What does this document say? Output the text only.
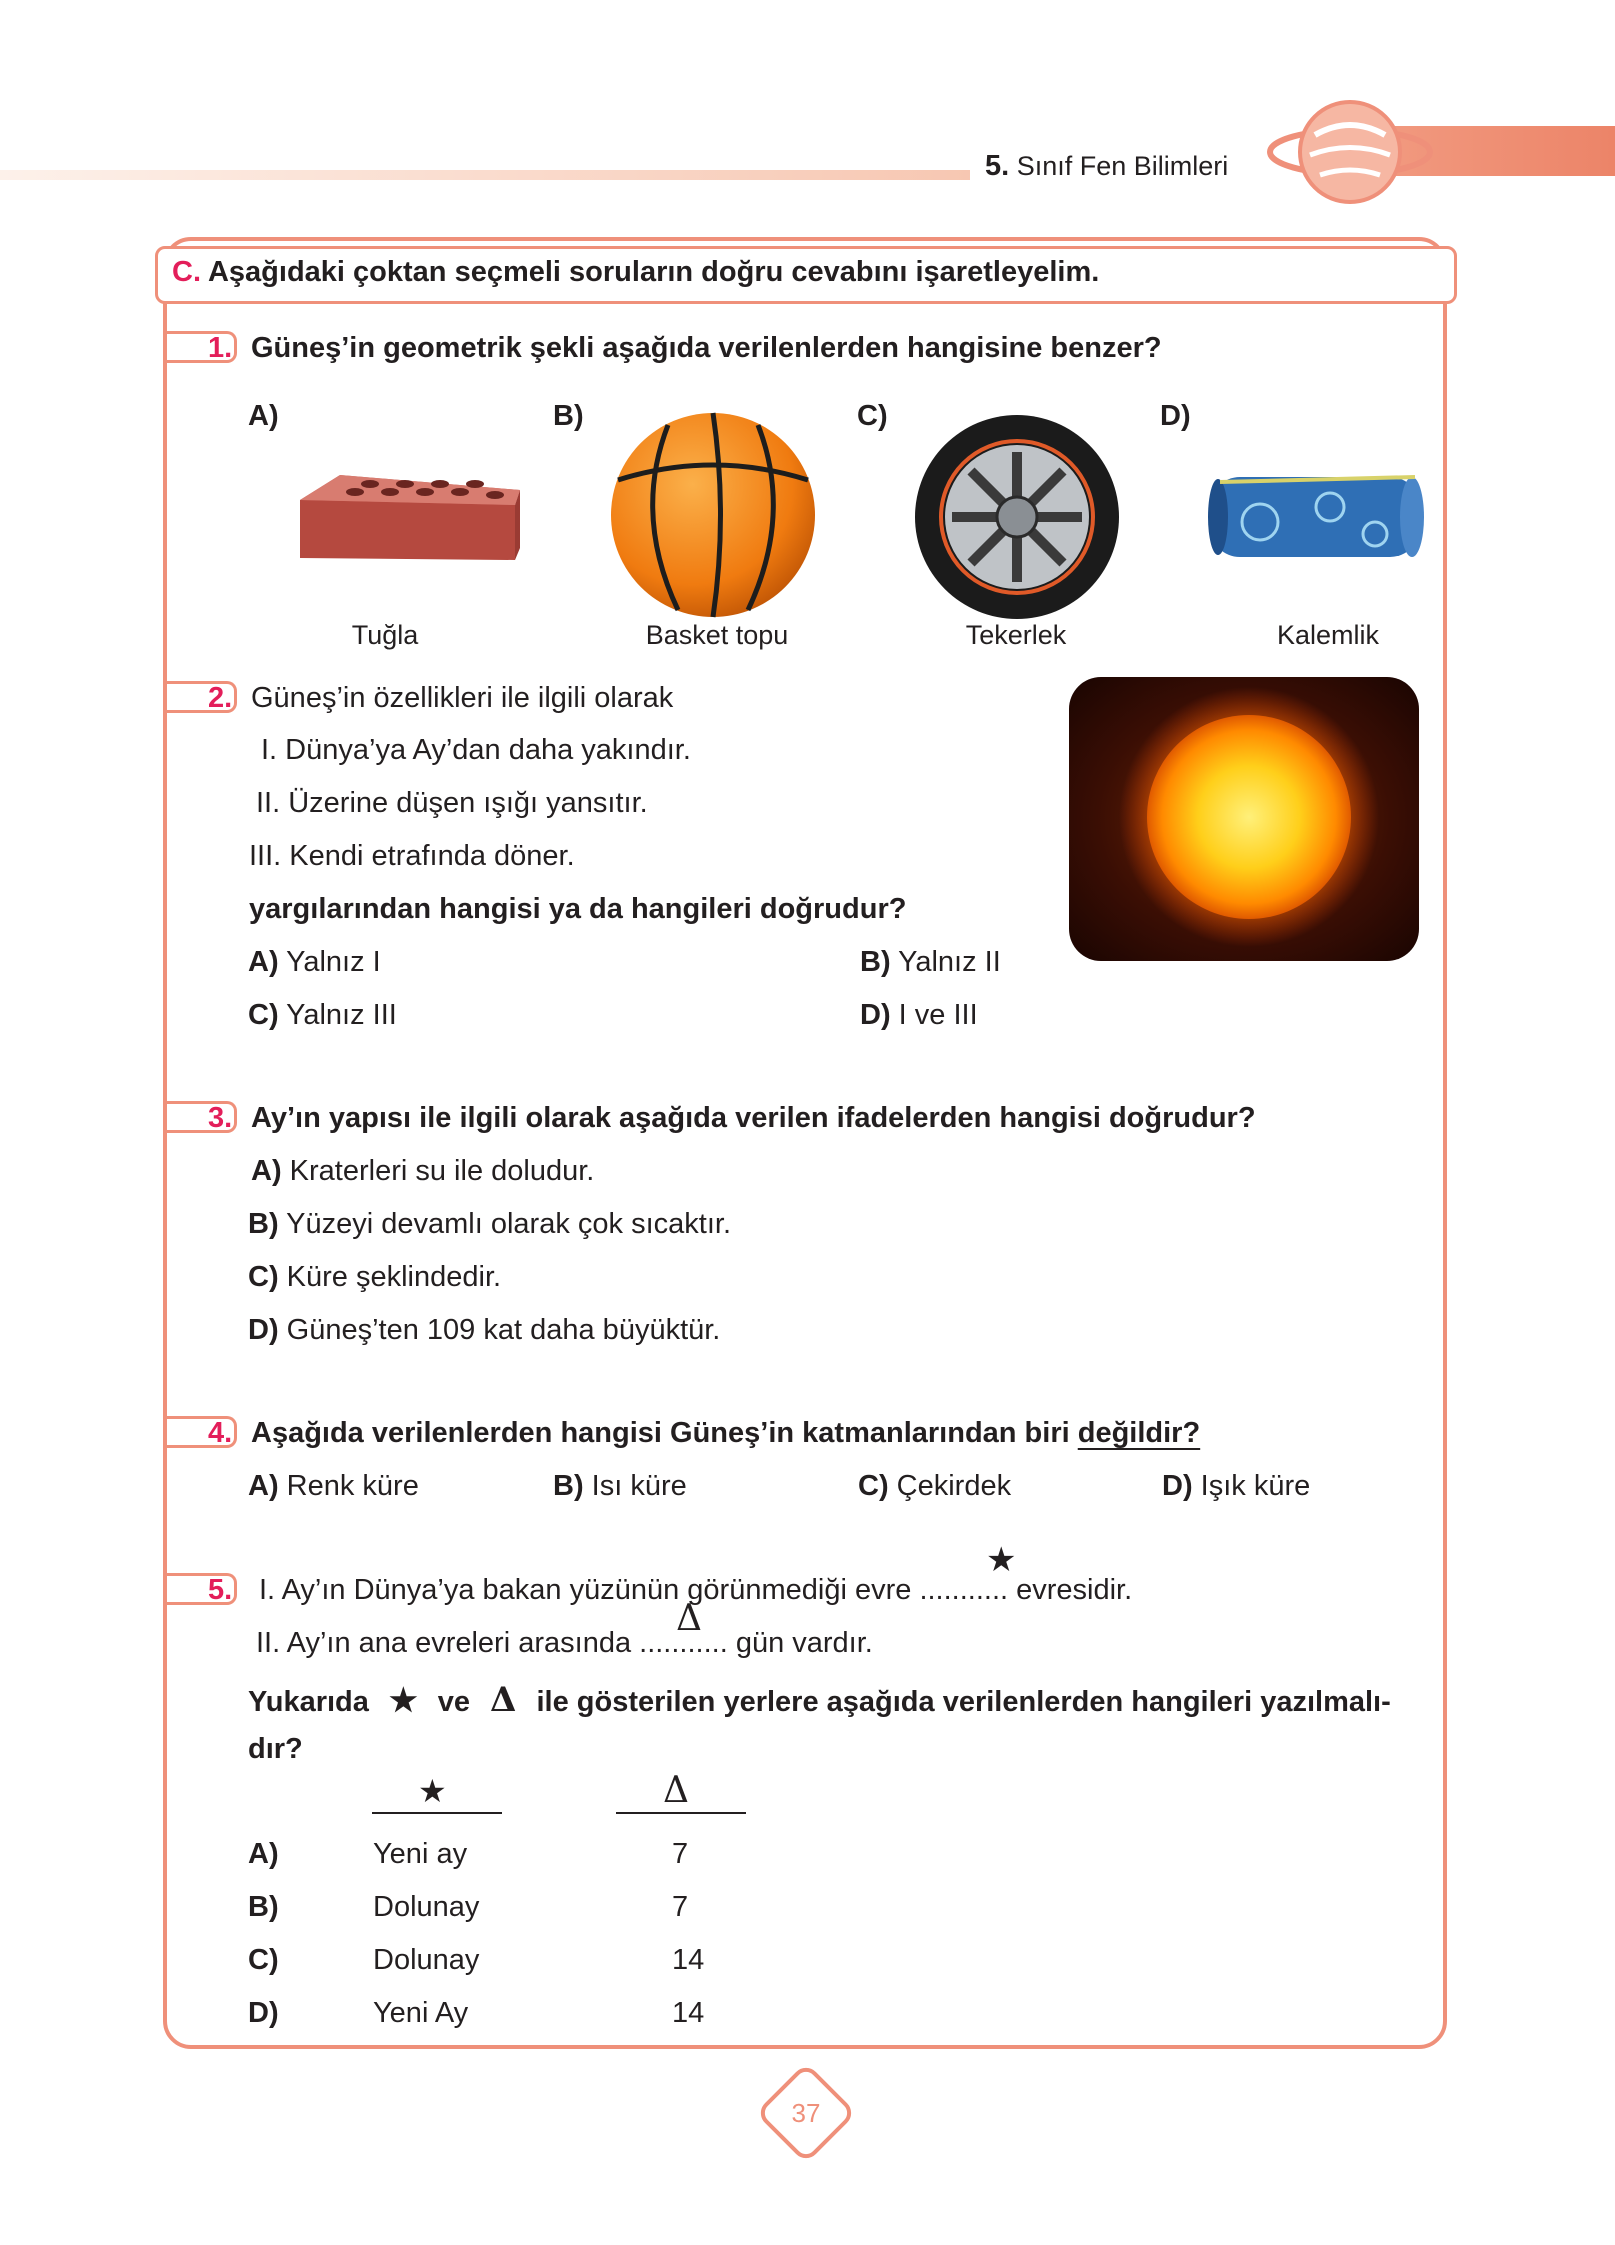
5. Sınıf Fen Bilimleri
C. Aşağıdaki çoktan seçmeli soruların doğru cevabını işaretleyelim.
1. Güneş’in geometrik şekli aşağıda verilenlerden hangisine benzer?
A)	B)	C)	D)
Tuğla	Basket topu	Tekerlek	Kalemlik
2. Güneş’in özellikleri ile ilgili olarak
I. Dünya’ya Ay’dan daha yakındır.
II. Üzerine düşen ışığı yansıtır.
III. Kendi etrafında döner.
yargılarından hangisi ya da hangileri doğrudur?
A) Yalnız I	B) Yalnız II
C) Yalnız III	D) I ve III
3. Ay’ın yapısı ile ilgili olarak aşağıda verilen ifadelerden hangisi doğrudur?
A) Kraterleri su ile doludur.
B) Yüzeyi devamlı olarak çok sıcaktır.
C) Küre şeklindedir.
D) Güneş’ten 109 kat daha büyüktür.
4. Aşağıda verilenlerden hangisi Güneş’in katmanlarından biri değildir?
A) Renk küre	B) Isı küre	C) Çekirdek	D) Işık küre
5. I. Ay’ın Dünya’ya bakan yüzünün görünmediği evre ........... evresidir.
★
II. Ay’ın ana evreleri arasında ........... gün vardır.
Δ
Yukarıda ★ ve Δ ile gösterilen yerlere aşağıda verilenlerden hangileri yazılmalı-
dır?
★	Δ
A)	Yeni ay	7
B)	Dolunay	7
C)	Dolunay	14
D)	Yeni Ay	14
37
